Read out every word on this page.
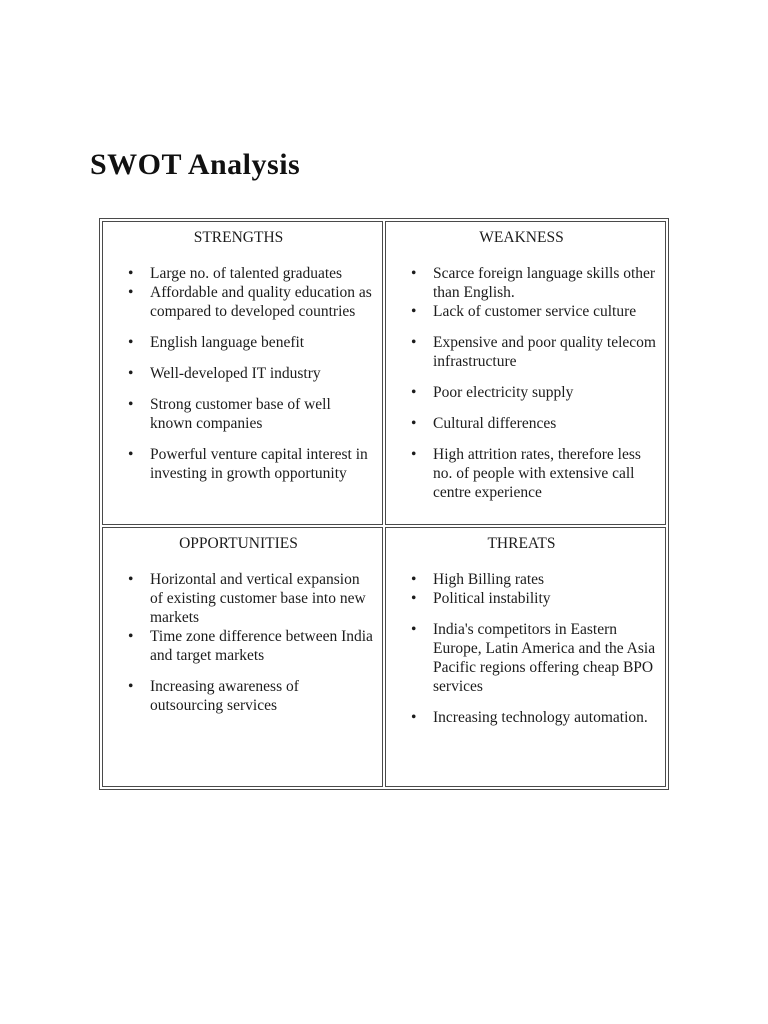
SWOT Analysis
STRENGTHS
•	Large no. of talented graduates
•	Affordable and quality education as compared to developed countries
•	English language benefit
•	Well-developed IT industry
•	Strong customer base of well known companies
•	Powerful venture capital interest in investing in growth opportunity

WEAKNESS
•	Scarce foreign language skills other than English.
•	Lack of customer service culture
•	Expensive and poor quality telecom infrastructure
•	Poor electricity supply
•	Cultural differences
•	High attrition rates, therefore less no. of people with extensive call centre experience

OPPORTUNITIES
•	Horizontal and vertical expansion of existing customer base into new markets
•	Time zone difference between India and target markets
•	Increasing awareness of outsourcing services

THREATS
•	High Billing rates
•	Political instability
•	India's competitors in Eastern Europe, Latin America and the Asia Pacific regions offering cheap BPO services
•	Increasing technology automation.
